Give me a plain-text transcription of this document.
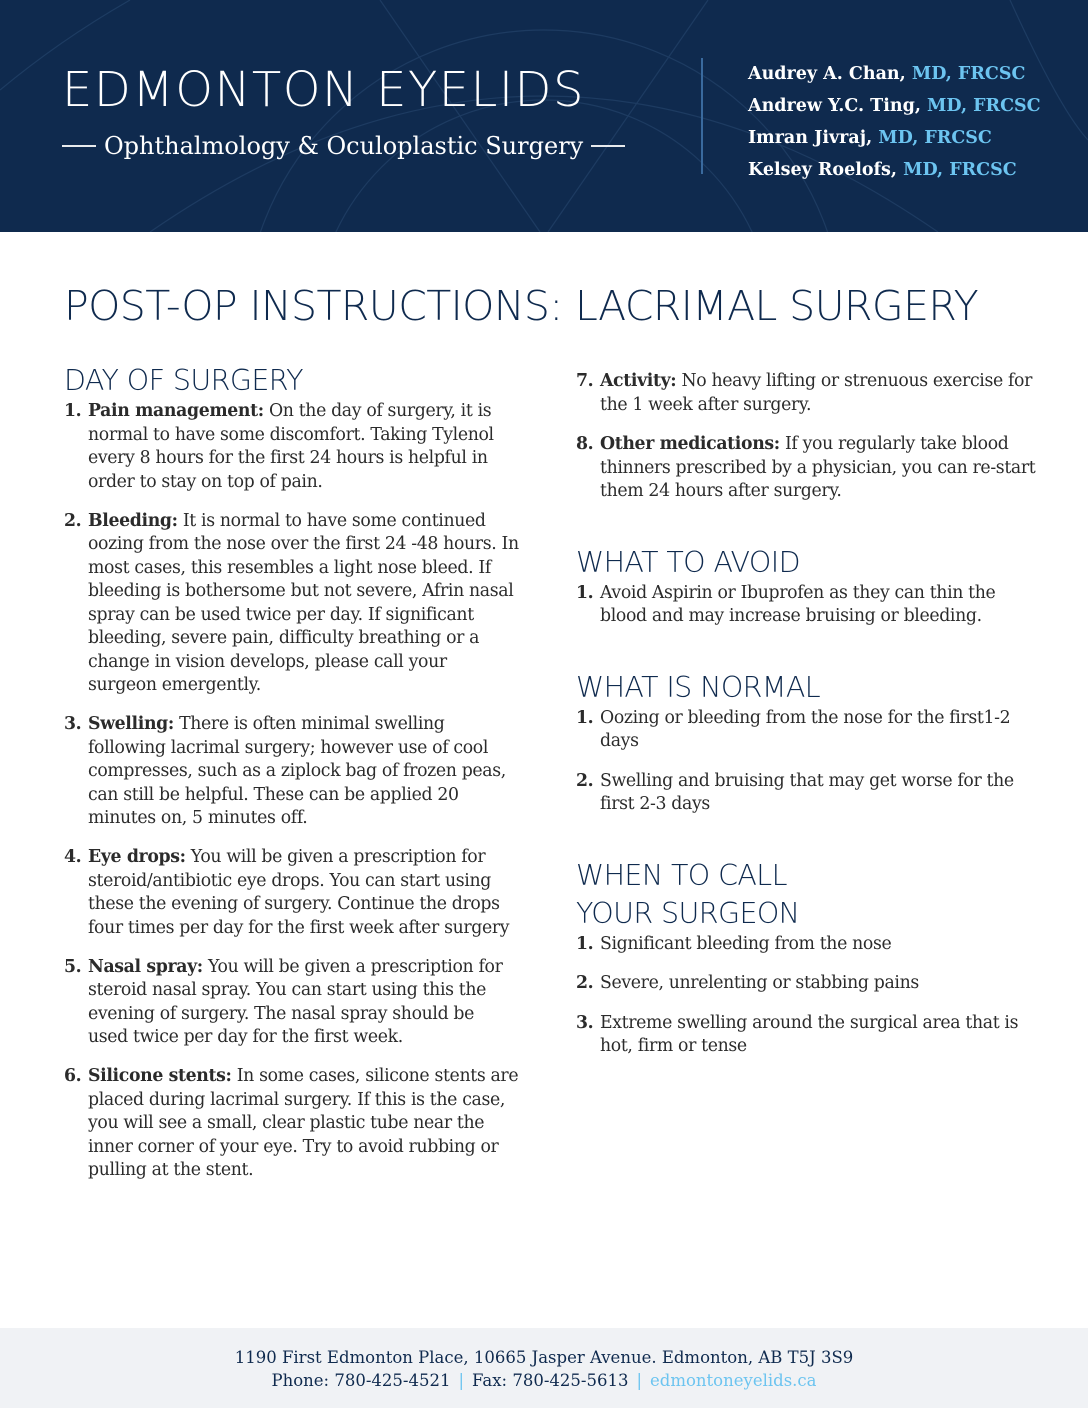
EDMONTON EYELIDS
Ophthalmology & Oculoplastic Surgery
Audrey A. Chan, MD, FRCSC
Andrew Y.C. Ting, MD, FRCSC
Imran Jivraj, MD, FRCSC
Kelsey Roelofs, MD, FRCSC
POST-OP INSTRUCTIONS: LACRIMAL SURGERY
DAY OF SURGERY
1. Pain management: On the day of surgery, it is normal to have some discomfort. Taking Tylenol every 8 hours for the first 24 hours is helpful in order to stay on top of pain.
2. Bleeding: It is normal to have some continued oozing from the nose over the first 24 -48 hours. In most cases, this resembles a light nose bleed. If bleeding is bothersome but not severe, Afrin nasal spray can be used twice per day. If significant bleeding, severe pain, difficulty breathing or a change in vision develops, please call your surgeon emergently.
3. Swelling: There is often minimal swelling following lacrimal surgery; however use of cool compresses, such as a ziplock bag of frozen peas, can still be helpful. These can be applied 20 minutes on, 5 minutes off.
4. Eye drops: You will be given a prescription for steroid/antibiotic eye drops. You can start using these the evening of surgery. Continue the drops four times per day for the first week after surgery
5. Nasal spray: You will be given a prescription for steroid nasal spray. You can start using this the evening of surgery. The nasal spray should be used twice per day for the first week.
6. Silicone stents: In some cases, silicone stents are placed during lacrimal surgery. If this is the case, you will see a small, clear plastic tube near the inner corner of your eye. Try to avoid rubbing or pulling at the stent.
7. Activity: No heavy lifting or strenuous exercise for the 1 week after surgery.
8. Other medications: If you regularly take blood thinners prescribed by a physician, you can re-start them 24 hours after surgery.
WHAT TO AVOID
1. Avoid Aspirin or Ibuprofen as they can thin the blood and may increase bruising or bleeding.
WHAT IS NORMAL
1. Oozing or bleeding from the nose for the first1-2 days
2. Swelling and bruising that may get worse for the first 2-3 days
WHEN TO CALL
YOUR SURGEON
1. Significant bleeding from the nose
2. Severe, unrelenting or stabbing pains
3. Extreme swelling around the surgical area that is hot, firm or tense
1190 First Edmonton Place, 10665 Jasper Avenue. Edmonton, AB T5J 3S9
Phone: 780-425-4521 | Fax: 780-425-5613 | edmontoneyelids.ca
